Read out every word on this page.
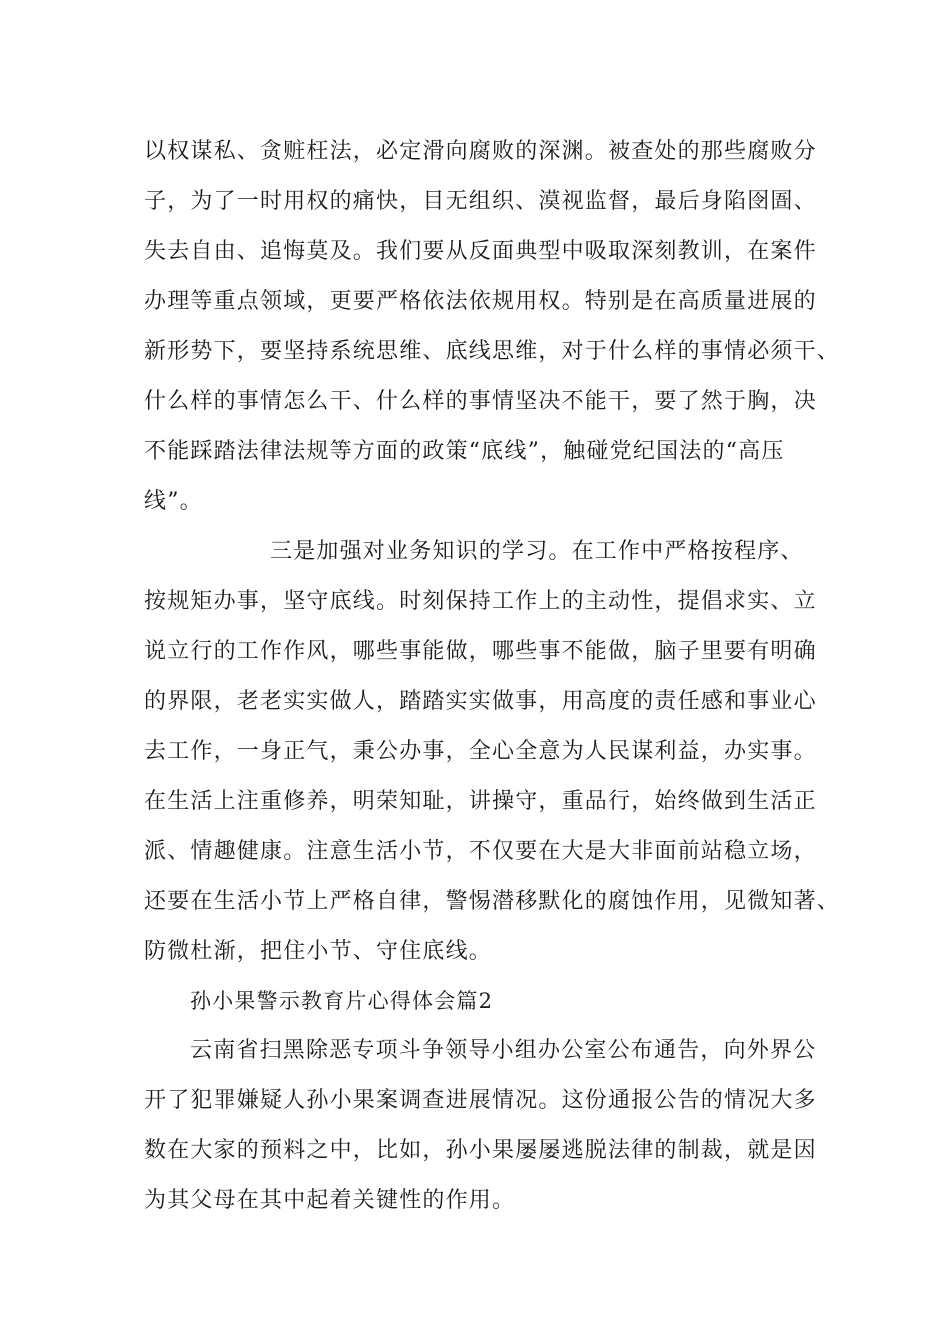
以权谋私、贪赃枉法，必定滑向腐败的深渊。被查处的那些腐败分
子，为了一时用权的痛快，目无组织、漠视监督，最后身陷囹圄、
失去自由、追悔莫及。我们要从反面典型中吸取深刻教训，在案件
办理等重点领域，更要严格依法依规用权。特别是在高质量进展的
新形势下，要坚持系统思维、底线思维，对于什么样的事情必须干、
什么样的事情怎么干、什么样的事情坚决不能干，要了然于胸，决
不能踩踏法律法规等方面的政策“底线”，触碰党纪国法的“高压
线”。
三是加强对业务知识的学习。在工作中严格按程序、
按规矩办事，坚守底线。时刻保持工作上的主动性，提倡求实、立
说立行的工作作风，哪些事能做，哪些事不能做，脑子里要有明确
的界限，老老实实做人，踏踏实实做事，用高度的责任感和事业心
去工作，一身正气，秉公办事，全心全意为人民谋利益，办实事。
在生活上注重修养，明荣知耻，讲操守，重品行，始终做到生活正
派、情趣健康。注意生活小节，不仅要在大是大非面前站稳立场，
还要在生活小节上严格自律，警惕潜移默化的腐蚀作用，见微知著、
防微杜渐，把住小节、守住底线。
孙小果警示教育片心得体会篇2
云南省扫黑除恶专项斗争领导小组办公室公布通告，向外界公
开了犯罪嫌疑人孙小果案调查进展情况。这份通报公告的情况大多
数在大家的预料之中，比如，孙小果屡屡逃脱法律的制裁，就是因
为其父母在其中起着关键性的作用。
